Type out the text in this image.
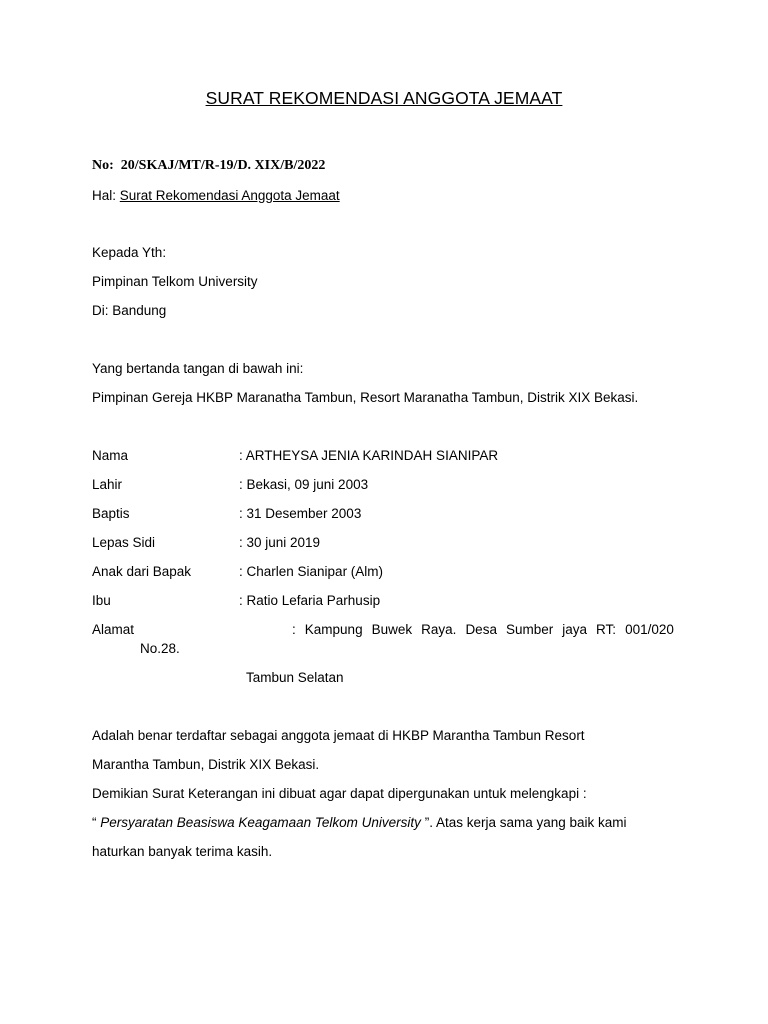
SURAT REKOMENDASI ANGGOTA JEMAAT
No: 20/SKAJ/MT/R-19/D. XIX/B/2022
Hal: Surat Rekomendasi Anggota Jemaat
Kepada Yth:
Pimpinan Telkom University
Di: Bandung
Yang bertanda tangan di bawah ini:
Pimpinan Gereja HKBP Maranatha Tambun, Resort Maranatha Tambun, Distrik XIX Bekasi.
Nama	: ARTHEYSA JENIA KARINDAH SIANIPAR
Lahir	: Bekasi, 09 juni 2003
Baptis	: 31 Desember 2003
Lepas Sidi	: 30 juni 2019
Anak dari Bapak	: Charlen Sianipar (Alm)
Ibu	: Ratio Lefaria Parhusip
Alamat	: Kampung Buwek Raya. Desa Sumber jaya RT: 001/020
No.28.
Tambun Selatan
Adalah benar terdaftar sebagai anggota jemaat di HKBP Marantha Tambun Resort
Marantha Tambun, Distrik XIX Bekasi.
Demikian Surat Keterangan ini dibuat agar dapat dipergunakan untuk melengkapi :
“ Persyaratan Beasiswa Keagamaan Telkom University ”. Atas kerja sama yang baik kami
haturkan banyak terima kasih.
